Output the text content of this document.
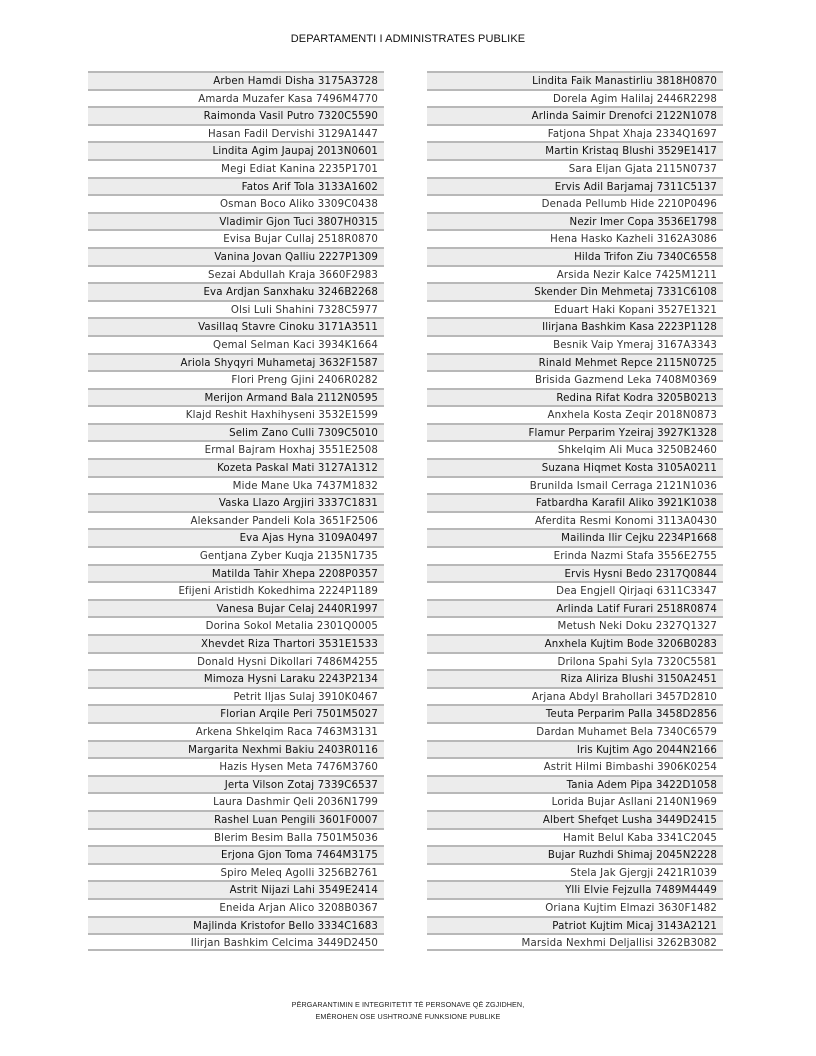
DEPARTAMENTI I ADMINISTRATES PUBLIKE
Arben Hamdi Disha 3175A3728
Amarda Muzafer Kasa 7496M4770
Raimonda Vasil Putro 7320C5590
Hasan Fadil Dervishi 3129A1447
Lindita Agim Jaupaj 2013N0601
Megi Ediat Kanina 2235P1701
Fatos Arif Tola 3133A1602
Osman Boco Aliko 3309C0438
Vladimir Gjon Tuci 3807H0315
Evisa Bujar Cullaj 2518R0870
Vanina Jovan Qalliu 2227P1309
Sezai Abdullah Kraja 3660F2983
Eva Ardjan Sanxhaku 3246B2268
Olsi Luli Shahini 7328C5977
Vasillaq Stavre Cinoku 3171A3511
Qemal Selman Kaci 3934K1664
Ariola Shyqyri Muhametaj 3632F1587
Flori Preng Gjini 2406R0282
Merijon Armand Bala 2112N0595
Klajd Reshit Haxhihyseni 3532E1599
Selim Zano Culli 7309C5010
Ermal Bajram Hoxhaj 3551E2508
Kozeta Paskal Mati 3127A1312
Mide Mane Uka 7437M1832
Vaska Llazo Argjiri 3337C1831
Aleksander Pandeli Kola 3651F2506
Eva Ajas Hyna 3109A0497
Gentjana Zyber Kuqja 2135N1735
Matilda Tahir Xhepa 2208P0357
Efijeni Aristidh Kokedhima 2224P1189
Vanesa Bujar Celaj 2440R1997
Dorina Sokol Metalia 2301Q0005
Xhevdet Riza Thartori 3531E1533
Donald Hysni Dikollari 7486M4255
Mimoza Hysni Laraku 2243P2134
Petrit Iljas Sulaj 3910K0467
Florian Arqile Peri 7501M5027
Arkena Shkelqim Raca 7463M3131
Margarita Nexhmi Bakiu 2403R0116
Hazis Hysen Meta 7476M3760
Jerta Vilson Zotaj 7339C6537
Laura Dashmir Qeli 2036N1799
Rashel Luan Pengili 3601F0007
Blerim Besim Balla 7501M5036
Erjona Gjon Toma 7464M3175
Spiro Meleq Agolli 3256B2761
Astrit Nijazi Lahi 3549E2414
Eneida Arjan Alico 3208B0367
Majlinda Kristofor Bello 3334C1683
Ilirjan Bashkim Celcima 3449D2450
Lindita Faik Manastirliu 3818H0870
Dorela Agim Halilaj 2446R2298
Arlinda Saimir Drenofci 2122N1078
Fatjona Shpat Xhaja 2334Q1697
Martin Kristaq Blushi 3529E1417
Sara Eljan Gjata 2115N0737
Ervis Adil Barjamaj 7311C5137
Denada Pellumb Hide 2210P0496
Nezir Imer Copa 3536E1798
Hena Hasko Kazheli 3162A3086
Hilda Trifon Ziu 7340C6558
Arsida Nezir Kalce 7425M1211
Skender Din Mehmetaj 7331C6108
Eduart Haki Kopani 3527E1321
Ilirjana Bashkim Kasa 2223P1128
Besnik Vaip Ymeraj 3167A3343
Rinald Mehmet Repce 2115N0725
Brisida Gazmend Leka 7408M0369
Redina Rifat Kodra 3205B0213
Anxhela Kosta Zeqir 2018N0873
Flamur Perparim Yzeiraj 3927K1328
Shkelqim Ali Muca 3250B2460
Suzana Hiqmet Kosta 3105A0211
Brunilda Ismail Cerraga 2121N1036
Fatbardha Karafil Aliko 3921K1038
Aferdita Resmi Konomi 3113A0430
Mailinda Ilir Cejku 2234P1668
Erinda Nazmi Stafa 3556E2755
Ervis Hysni Bedo 2317Q0844
Dea Engjell Qirjaqi 6311C3347
Arlinda Latif Furari 2518R0874
Metush Neki Doku 2327Q1327
Anxhela Kujtim Bode 3206B0283
Drilona Spahi Syla 7320C5581
Riza Aliriza Blushi 3150A2451
Arjana Abdyl Brahollari 3457D2810
Teuta Perparim Palla 3458D2856
Dardan Muhamet Bela 7340C6579
Iris Kujtim Ago 2044N2166
Astrit Hilmi Bimbashi 3906K0254
Tania Adem Pipa 3422D1058
Lorida Bujar Asllani 2140N1969
Albert Shefqet Lusha 3449D2415
Hamit Belul Kaba 3341C2045
Bujar Ruzhdi Shimaj 2045N2228
Stela Jak Gjergji 2421R1039
Ylli Elvie Fejzulla 7489M4449
Oriana Kujtim Elmazi 3630F1482
Patriot Kujtim Micaj 3143A2121
Marsida Nexhmi Deljallisi 3262B3082
PËRGARANTIMIN E INTEGRITETIT TË PERSONAVE QË ZGJIDHEN,
EMËROHEN OSE USHTROJNË FUNKSIONE PUBLIKE
